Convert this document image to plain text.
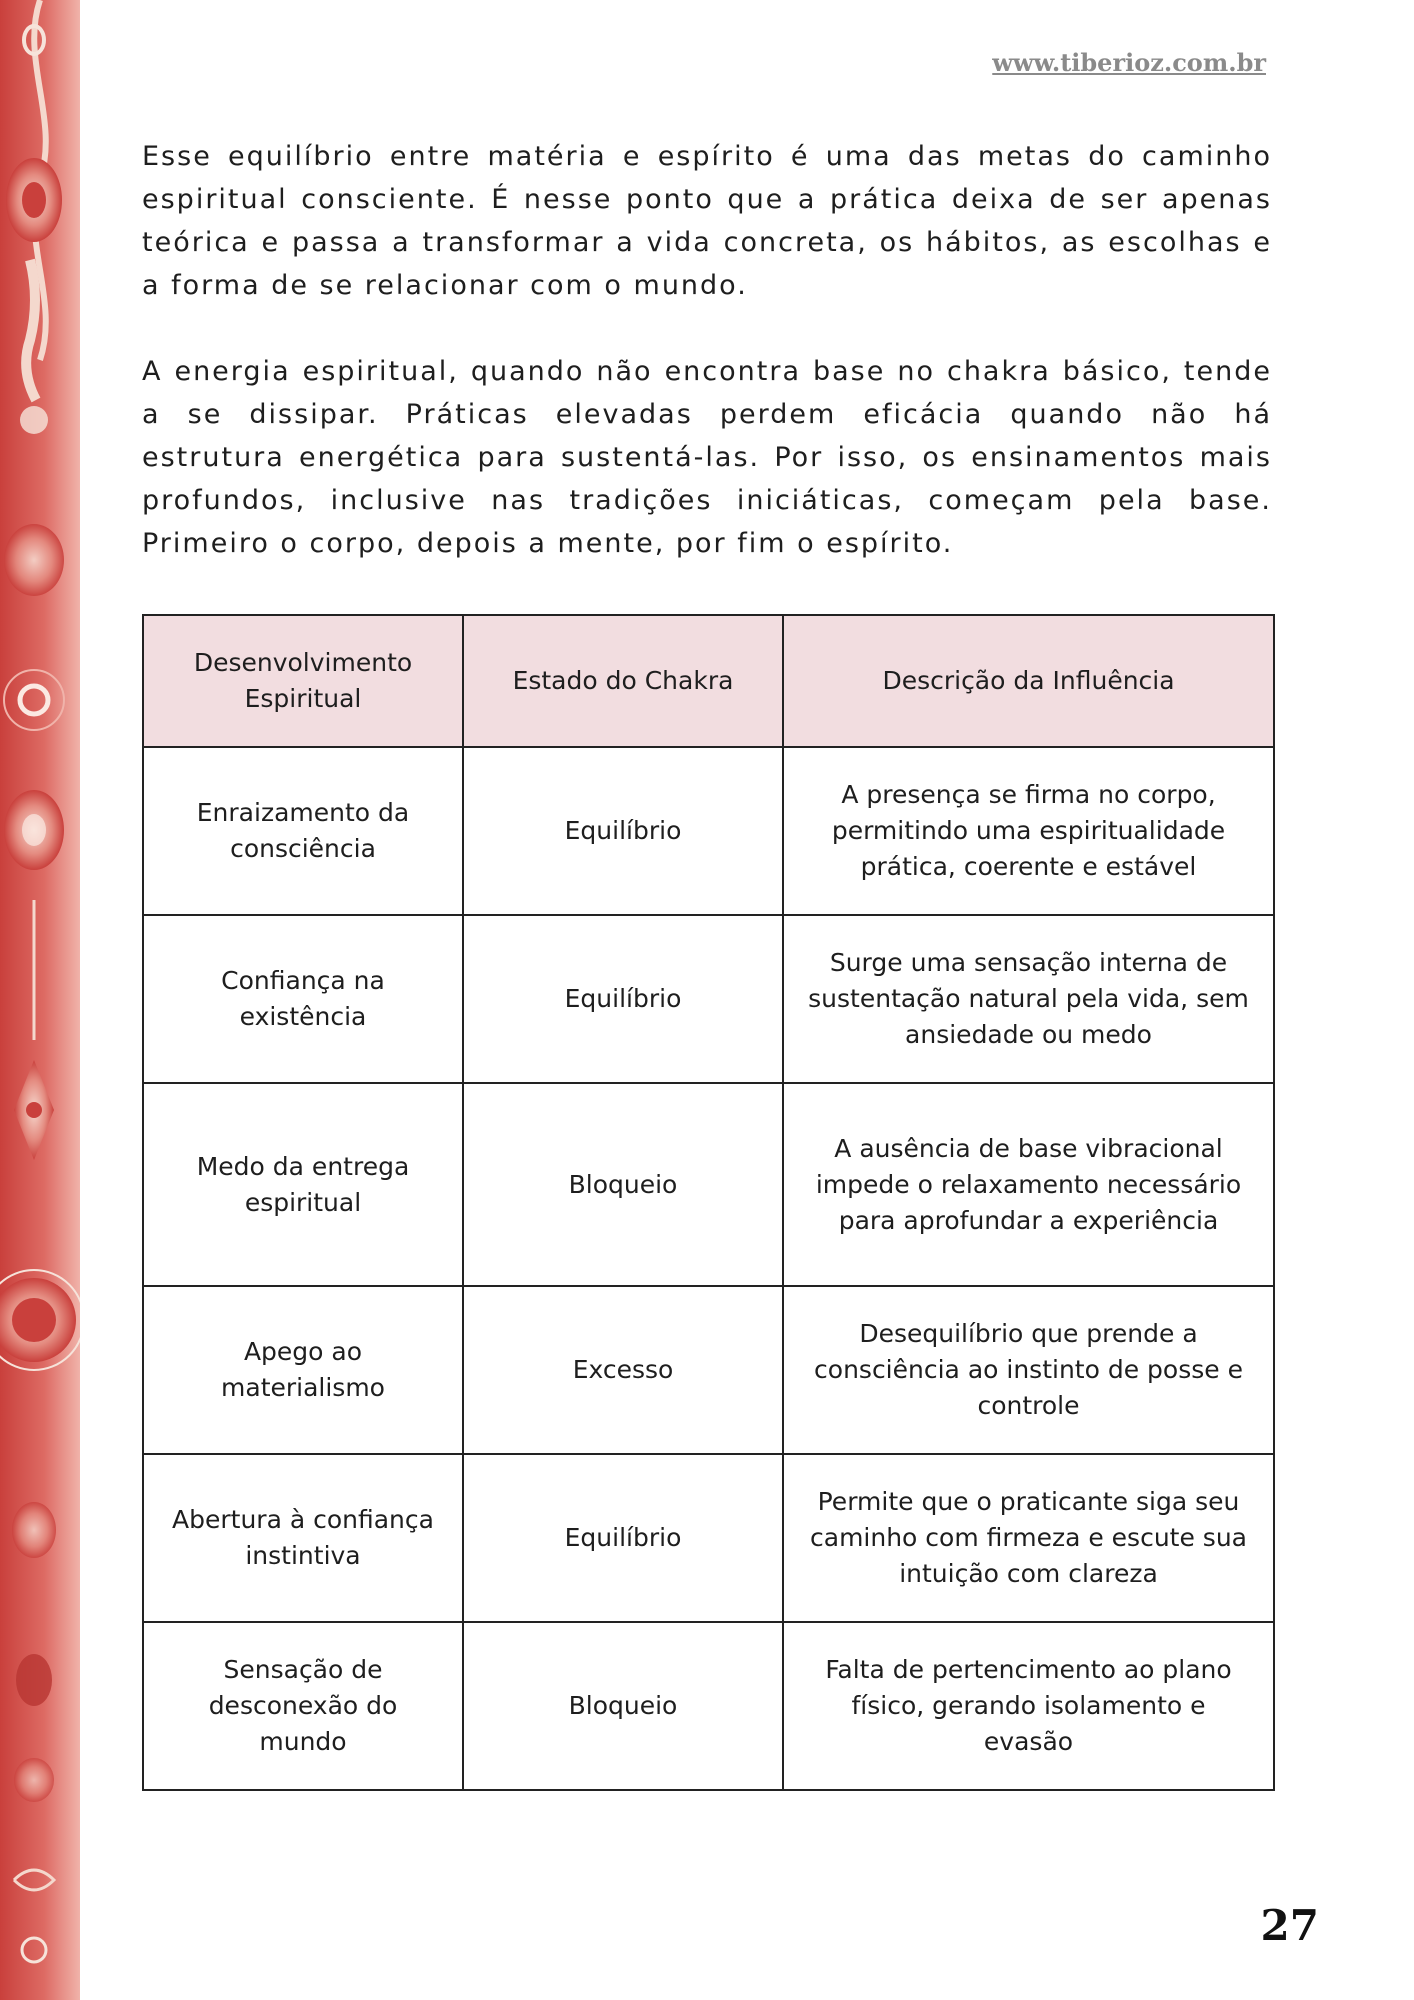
www.tiberioz.com.br

Esse equilíbrio entre matéria e espírito é uma das metas do caminho espiritual consciente. É nesse ponto que a prática deixa de ser apenas teórica e passa a transformar a vida concreta, os hábitos, as escolhas e a forma de se relacionar com o mundo.

A energia espiritual, quando não encontra base no chakra básico, tende a se dissipar. Práticas elevadas perdem eficácia quando não há estrutura energética para sustentá-las. Por isso, os ensinamentos mais profundos, inclusive nas tradições iniciáticas, começam pela base. Primeiro o corpo, depois a mente, por fim o espírito.

Desenvolvimento Espiritual	Estado do Chakra	Descrição da Influência
Enraizamento da consciência	Equilíbrio	A presença se firma no corpo, permitindo uma espiritualidade prática, coerente e estável
Confiança na existência	Equilíbrio	Surge uma sensação interna de sustentação natural pela vida, sem ansiedade ou medo
Medo da entrega espiritual	Bloqueio	A ausência de base vibracional impede o relaxamento necessário para aprofundar a experiência
Apego ao materialismo	Excesso	Desequilíbrio que prende a consciência ao instinto de posse e controle
Abertura à confiança instintiva	Equilíbrio	Permite que o praticante siga seu caminho com firmeza e escute sua intuição com clareza
Sensação de desconexão do mundo	Bloqueio	Falta de pertencimento ao plano físico, gerando isolamento e evasão

27
